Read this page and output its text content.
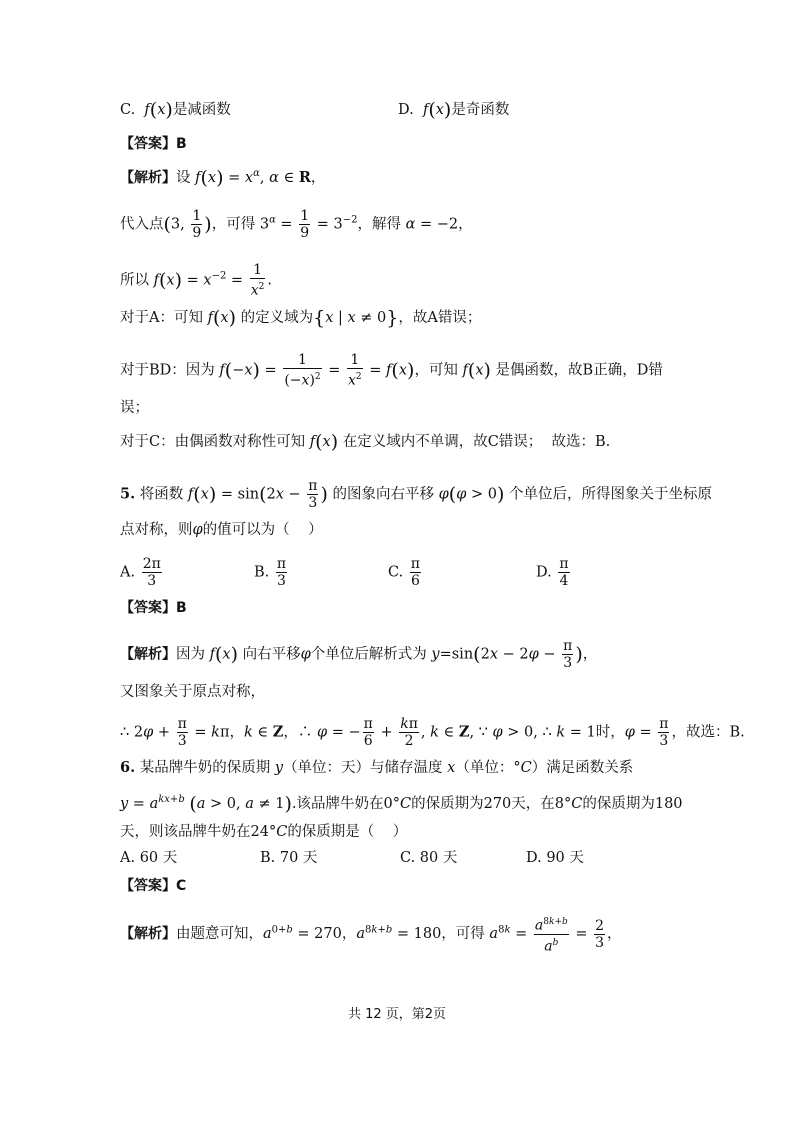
C.  f(x)是减函数	D.  f(x)是奇函数
【答案】B
【解析】设 $f(x) = x^\alpha$, α ∈ R，
代入点(3, $\frac{1}{9}$ )，可得 $3^\alpha = \frac{1}{9} = 3^{-2}$，解得 α = −2，
所以 $f(x) = x^{-2} = \frac{1}{x^2}$ .
对于A：可知 f(x) 的定义域为{x | x ≠ 0}，故A错误；
对于BD：因为 $f(-x) = \frac{1}{(-x)^2} = \frac{1}{x^2} = f(x)$，可知 f(x) 是偶函数，故B正确，D错
误；
对于C：由偶函数对称性可知 f(x) 在定义域内不单调，故C错误；  故选：B.
5. 将函数 $f(x) = \sin(2x - \frac{\pi}{3}$ ) 的图象向右平移 φ(φ > 0) 个单位后，所得图象关于坐标原
点对称，则φ的值可以为（    ）
A. $\frac{2\pi}{3}$	B. $\frac{\pi}{3}$	C. $\frac{\pi}{6}$	D. $\frac{\pi}{4}$
【答案】B
【解析】因为 f(x) 向右平移φ个单位后解析式为 $y=\sin(2x - 2\varphi - \frac{\pi}{3}$ )，
又图象关于原点对称，
∴ $2\varphi + \frac{\pi}{3} = k\pi$，k ∈ Z，∴ φ = − $\frac{\pi}{6} + \frac{k\pi}{2}$ , k ∈ Z, ∵ φ > 0, ∴ k = 1时，$\varphi = \frac{\pi}{3}$ ，故选：B.
6. 某品牌牛奶的保质期 y（单位：天）与储存温度 x（单位：°C）满足函数关系
$y = a^{kx+b}$ (a > 0, a ≠ 1).该品牌牛奶在0°C的保质期为270天，在8°C的保质期为180
天，则该品牌牛奶在24°C的保质期是（    ）
A. 60 天	B. 70 天	C. 80 天	D. 90 天
【答案】C
【解析】由题意可知，$a^{0+b} = 270$，$a^{8k+b} = 180$，可得 $a^{8k} = \frac{a^{8k+b}}{a^b} = \frac{2}{3}$ ，
共 12 页，第2页
